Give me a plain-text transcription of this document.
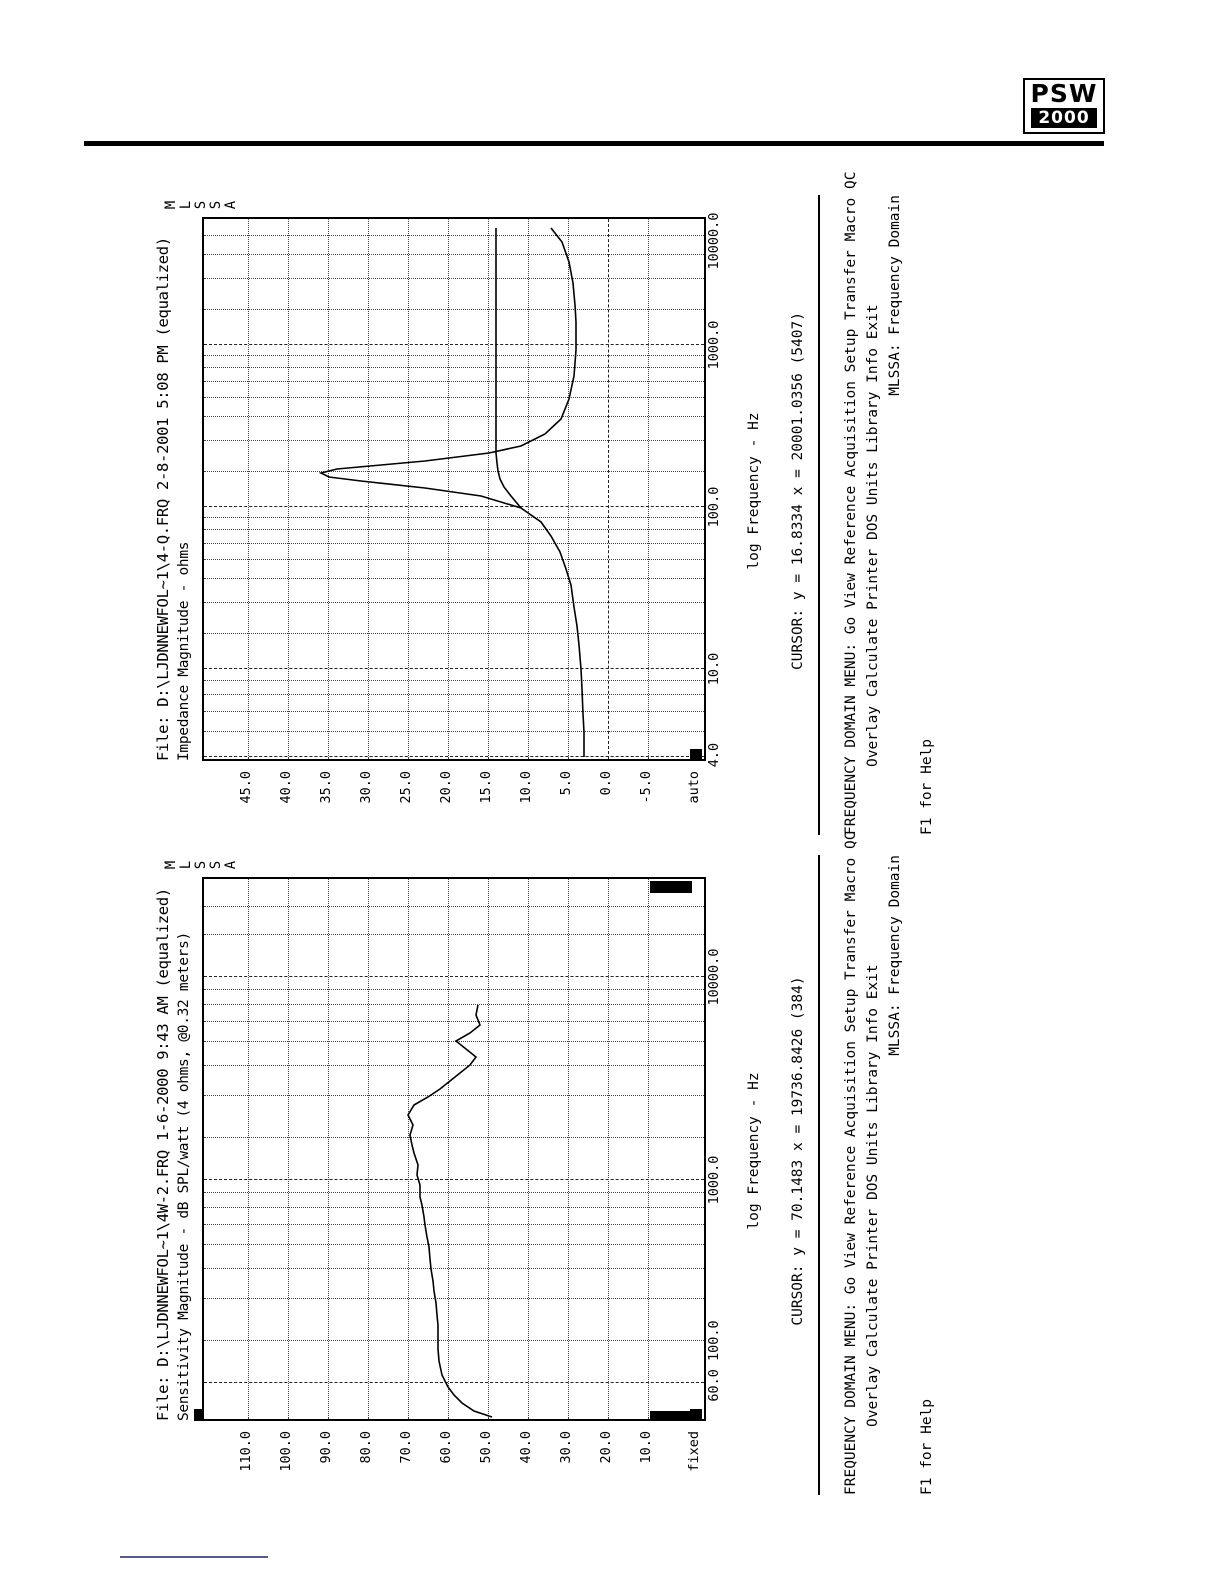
PSW
2000
File: D:\LJDNNEWFOL~1\4W-2.FRQ 1-6-2000 9:43 AM (equalized) Sensitivity Magnitude - dB SPL/watt (4 ohms, @0.32 meters)
110.0 100.0 90.0 80.0 70.0 60.0 50.0 40.0 30.0 20.0 10.0 fixed
M L S S A
60.0 100.0
1000.0
10000.0
log Frequency - Hz CURSOR: y = 70.1483 x = 19736.8426 (384)	FREQUENCY DOMAIN MENU: Go View Reference Acquisition Setup Transfer Macro QC Overlay Calculate Printer DOS Units Library Info Exit
MLSSA: Frequency Domain
F1 for Help
File: D:\LJDNNEWFOL~1\4-Q.FRQ 2-8-2001 5:08 PM (equalized) Impedance Magnitude - ohms
45.0 40.0 35.0 30.0 25.0 20.0 15.0 10.0 5.0 0.0 -5.0 auto
M L S S A
4.0
10.0
100.0
1000.0
10000.0
log Frequency - Hz CURSOR: y = 16.8334 x = 20001.0356 (5407)	FREQUENCY DOMAIN MENU: Go View Reference Acquisition Setup Transfer Macro QC Overlay Calculate Printer DOS Units Library Info Exit
MLSSA: Frequency Domain
F1 for Help
